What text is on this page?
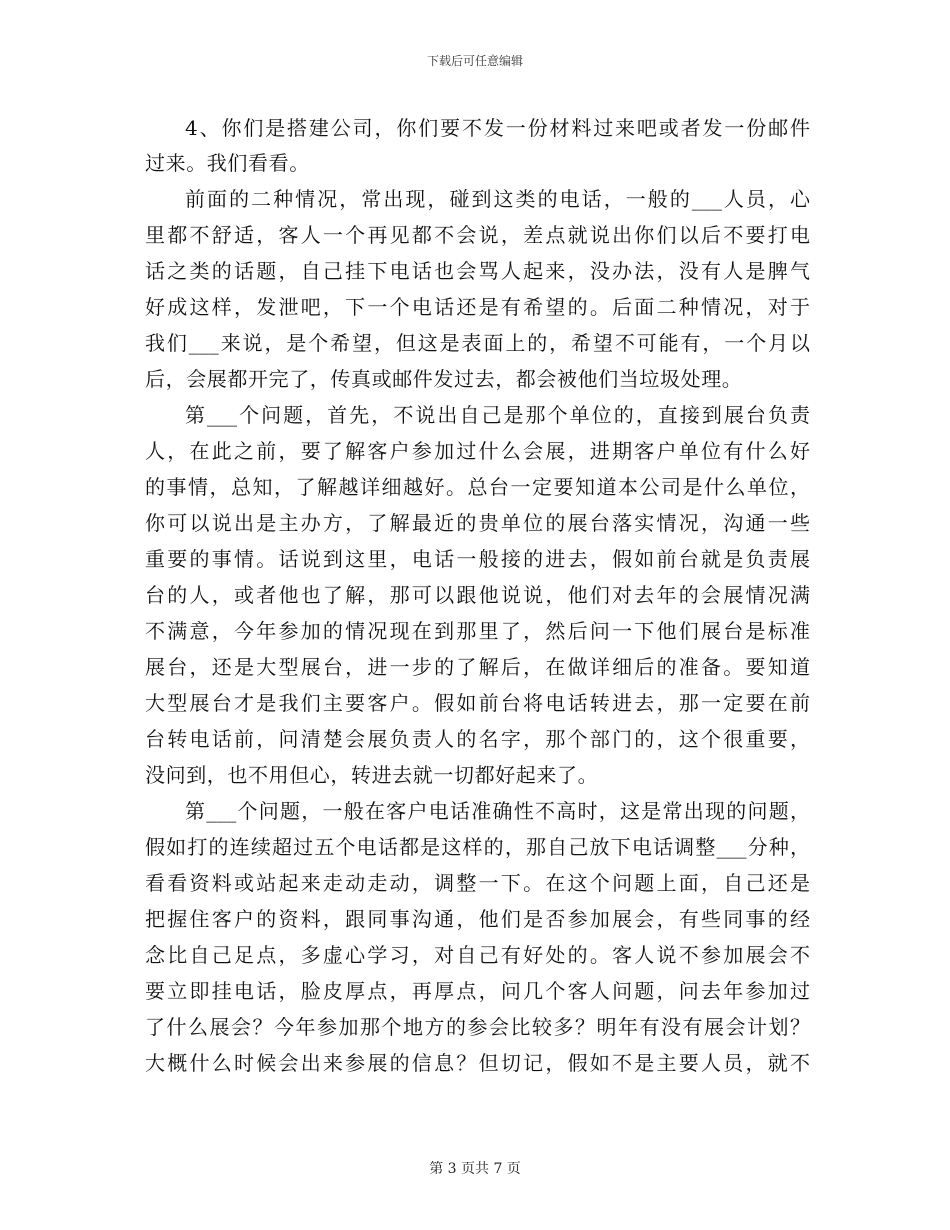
下载后可任意编辑
4、你们是搭建公司，你们要不发一份材料过来吧或者发一份邮件
过来。我们看看。
前面的二种情况，常出现，碰到这类的电话，一般的___人员，心
里都不舒适，客人一个再见都不会说，差点就说出你们以后不要打电
话之类的话题，自己挂下电话也会骂人起来，没办法，没有人是脾气
好成这样，发泄吧，下一个电话还是有希望的。后面二种情况，对于
我们___来说，是个希望，但这是表面上的，希望不可能有，一个月以
后，会展都开完了，传真或邮件发过去，都会被他们当垃圾处理。
第___个问题，首先，不说出自己是那个单位的，直接到展台负责
人，在此之前，要了解客户参加过什么会展，进期客户单位有什么好
的事情，总知，了解越详细越好。总台一定要知道本公司是什么单位，
你可以说出是主办方，了解最近的贵单位的展台落实情况，沟通一些
重要的事情。话说到这里，电话一般接的进去，假如前台就是负责展
台的人，或者他也了解，那可以跟他说说，他们对去年的会展情况满
不满意，今年参加的情况现在到那里了，然后问一下他们展台是标准
展台，还是大型展台，进一步的了解后，在做详细后的准备。要知道
大型展台才是我们主要客户。假如前台将电话转进去，那一定要在前
台转电话前，问清楚会展负责人的名字，那个部门的，这个很重要，
没问到，也不用但心，转进去就一切都好起来了。
第___个问题，一般在客户电话准确性不高时，这是常出现的问题，
假如打的连续超过五个电话都是这样的，那自己放下电话调整___分种，
看看资料或站起来走动走动，调整一下。在这个问题上面，自己还是
把握住客户的资料，跟同事沟通，他们是否参加展会，有些同事的经
念比自己足点，多虚心学习，对自己有好处的。客人说不参加展会不
要立即挂电话，脸皮厚点，再厚点，问几个客人问题，问去年参加过
了什么展会？今年参加那个地方的参会比较多？明年有没有展会计划？
大概什么时候会出来参展的信息？但切记，假如不是主要人员，就不
第 3 页共 7 页
